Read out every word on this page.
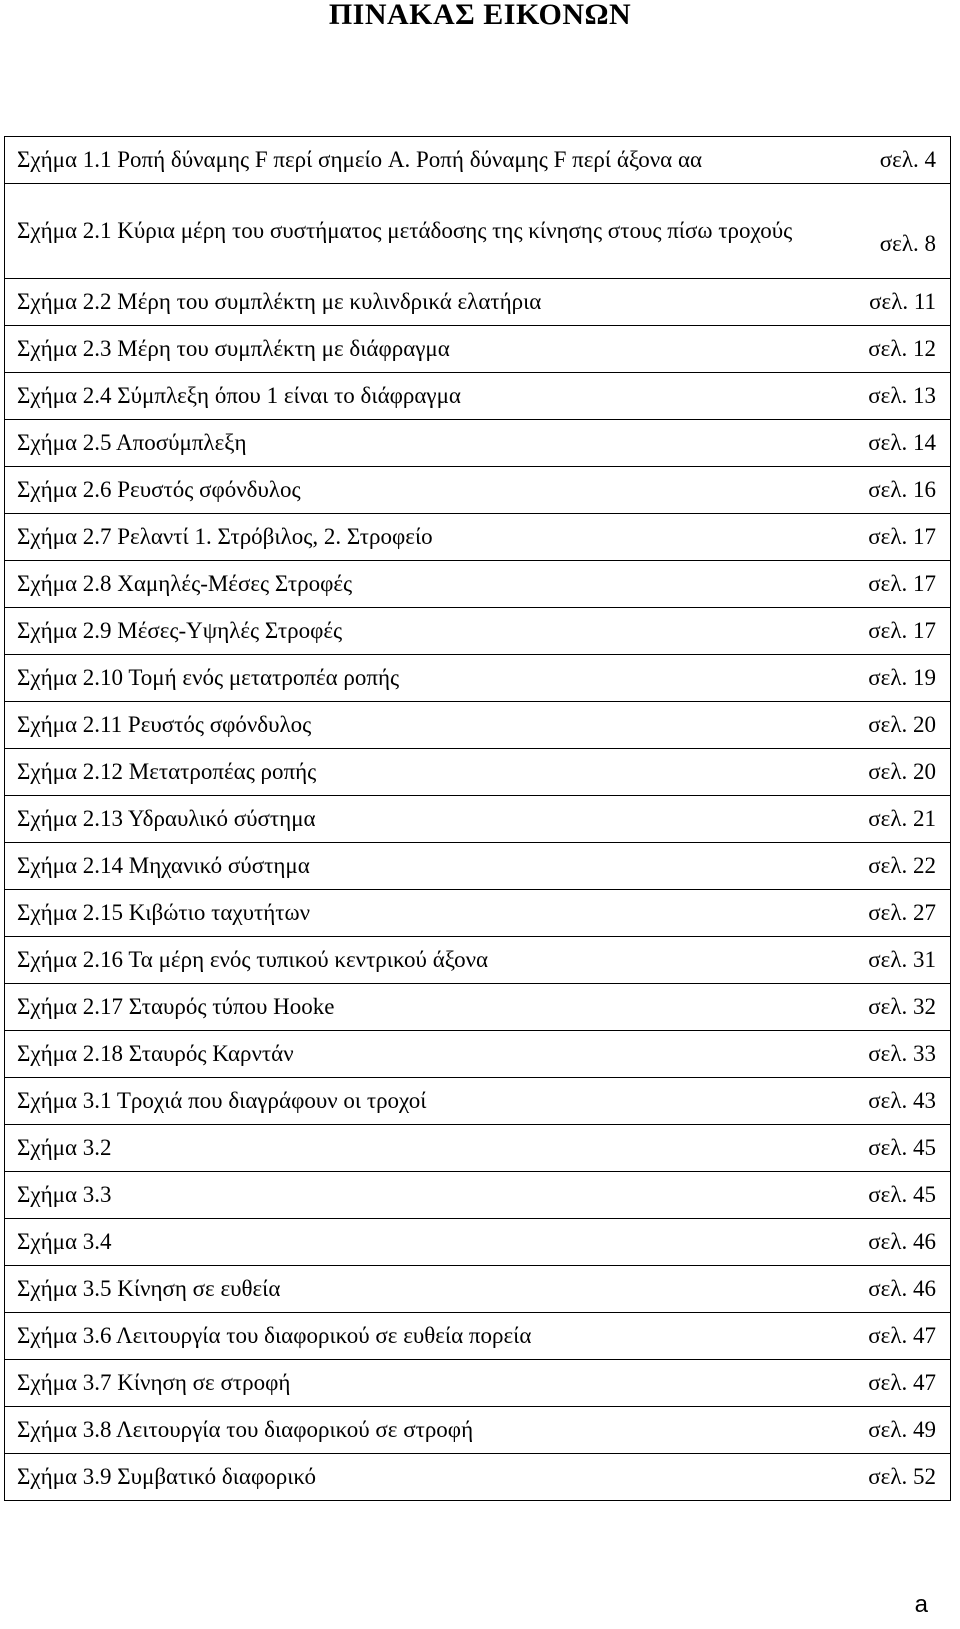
ΠΙΝΑΚΑΣ ΕΙΚΟΝΩΝ
Σχήμα 1.1 Ροπή δύναμης F περί σημείο A. Ροπή δύναμης F περί άξονα αα	σελ. 4
Σχήμα 2.1 Κύρια μέρη του συστήματος μετάδοσης της κίνησης στους πίσω τροχούς	σελ. 8
Σχήμα 2.2 Μέρη του συμπλέκτη με κυλινδρικά ελατήρια	σελ. 11
Σχήμα 2.3 Μέρη του συμπλέκτη με διάφραγμα	σελ. 12
Σχήμα 2.4 Σύμπλεξη όπου 1 είναι το διάφραγμα	σελ. 13
Σχήμα 2.5 Αποσύμπλεξη	σελ. 14
Σχήμα 2.6 Ρευστός σφόνδυλος	σελ. 16
Σχήμα 2.7 Ρελαντί 1. Στρόβιλος, 2. Στροφείο	σελ. 17
Σχήμα 2.8 Χαμηλές-Μέσες Στροφές	σελ. 17
Σχήμα 2.9 Μέσες-Υψηλές Στροφές	σελ. 17
Σχήμα 2.10 Τομή ενός μετατροπέα ροπής	σελ. 19
Σχήμα 2.11 Ρευστός σφόνδυλος	σελ. 20
Σχήμα 2.12 Μετατροπέας ροπής	σελ. 20
Σχήμα 2.13 Υδραυλικό σύστημα	σελ. 21
Σχήμα 2.14 Μηχανικό σύστημα	σελ. 22
Σχήμα 2.15 Κιβώτιο ταχυτήτων	σελ. 27
Σχήμα 2.16 Τα μέρη ενός τυπικού κεντρικού άξονα	σελ. 31
Σχήμα 2.17 Σταυρός τύπου Hooke	σελ. 32
Σχήμα 2.18 Σταυρός Καρντάν	σελ. 33
Σχήμα 3.1 Τροχιά που διαγράφουν οι τροχοί	σελ. 43
Σχήμα 3.2	σελ. 45
Σχήμα 3.3	σελ. 45
Σχήμα 3.4	σελ. 46
Σχήμα 3.5 Κίνηση σε ευθεία	σελ. 46
Σχήμα 3.6 Λειτουργία του διαφορικού σε ευθεία πορεία	σελ. 47
Σχήμα 3.7 Κίνηση σε στροφή	σελ. 47
Σχήμα 3.8 Λειτουργία του διαφορικού σε στροφή	σελ. 49
Σχήμα 3.9 Συμβατικό διαφορικό	σελ. 52
a
